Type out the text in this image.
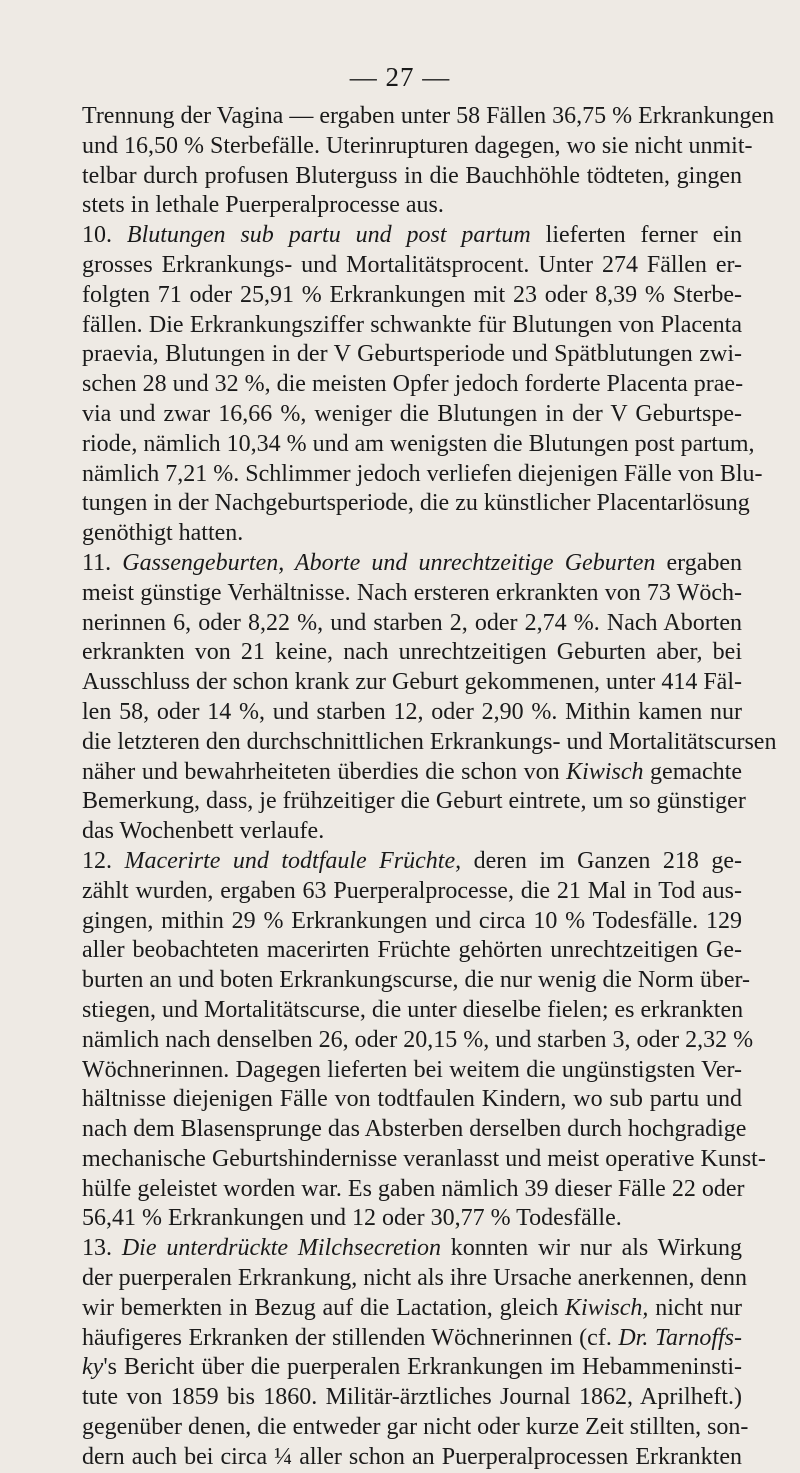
— 27 —
Trennung der Vagina — ergaben unter 58 Fällen 36,75 % Erkrankungen
und 16,50 % Sterbefälle. Uterinrupturen dagegen, wo sie nicht unmit-
telbar durch profusen Bluterguss in die Bauchhöhle tödteten, gingen
stets in lethale Puerperalprocesse aus.
10. Blutungen sub partu und post partum lieferten ferner ein
grosses Erkrankungs- und Mortalitätsprocent. Unter 274 Fällen er-
folgten 71 oder 25,91 % Erkrankungen mit 23 oder 8,39 % Sterbe-
fällen. Die Erkrankungsziffer schwankte für Blutungen von Placenta
praevia, Blutungen in der V Geburtsperiode und Spätblutungen zwi-
schen 28 und 32 %, die meisten Opfer jedoch forderte Placenta prae-
via und zwar 16,66 %, weniger die Blutungen in der V Geburtspe-
riode, nämlich 10,34 % und am wenigsten die Blutungen post partum,
nämlich 7,21 %. Schlimmer jedoch verliefen diejenigen Fälle von Blu-
tungen in der Nachgeburtsperiode, die zu künstlicher Placentarlösung
genöthigt hatten.
11. Gassengeburten, Aborte und unrechtzeitige Geburten ergaben
meist günstige Verhältnisse. Nach ersteren erkrankten von 73 Wöch-
nerinnen 6, oder 8,22 %, und starben 2, oder 2,74 %. Nach Aborten
erkrankten von 21 keine, nach unrechtzeitigen Geburten aber, bei
Ausschluss der schon krank zur Geburt gekommenen, unter 414 Fäl-
len 58, oder 14 %, und starben 12, oder 2,90 %. Mithin kamen nur
die letzteren den durchschnittlichen Erkrankungs- und Mortalitätscursen
näher und bewahrheiteten überdies die schon von Kiwisch gemachte
Bemerkung, dass, je frühzeitiger die Geburt eintrete, um so günstiger
das Wochenbett verlaufe.
12. Macerirte und todtfaule Früchte, deren im Ganzen 218 ge-
zählt wurden, ergaben 63 Puerperalprocesse, die 21 Mal in Tod aus-
gingen, mithin 29 % Erkrankungen und circa 10 % Todesfälle. 129
aller beobachteten macerirten Früchte gehörten unrechtzeitigen Ge-
burten an und boten Erkrankungscurse, die nur wenig die Norm über-
stiegen, und Mortalitätscurse, die unter dieselbe fielen; es erkrankten
nämlich nach denselben 26, oder 20,15 %, und starben 3, oder 2,32 %
Wöchnerinnen. Dagegen lieferten bei weitem die ungünstigsten Ver-
hältnisse diejenigen Fälle von todtfaulen Kindern, wo sub partu und
nach dem Blasensprunge das Absterben derselben durch hochgradige
mechanische Geburtshindernisse veranlasst und meist operative Kunst-
hülfe geleistet worden war. Es gaben nämlich 39 dieser Fälle 22 oder
56,41 % Erkrankungen und 12 oder 30,77 % Todesfälle.
13. Die unterdrückte Milchsecretion konnten wir nur als Wirkung
der puerperalen Erkrankung, nicht als ihre Ursache anerkennen, denn
wir bemerkten in Bezug auf die Lactation, gleich Kiwisch, nicht nur
häufigeres Erkranken der stillenden Wöchnerinnen (cf. Dr. Tarnoffs-
ky's Bericht über die puerperalen Erkrankungen im Hebammeninsti-
tute von 1859 bis 1860. Militär-ärztliches Journal 1862, Aprilheft.)
gegenüber denen, die entweder gar nicht oder kurze Zeit stillten, son-
dern auch bei circa ¼ aller schon an Puerperalprocessen Erkrankten
